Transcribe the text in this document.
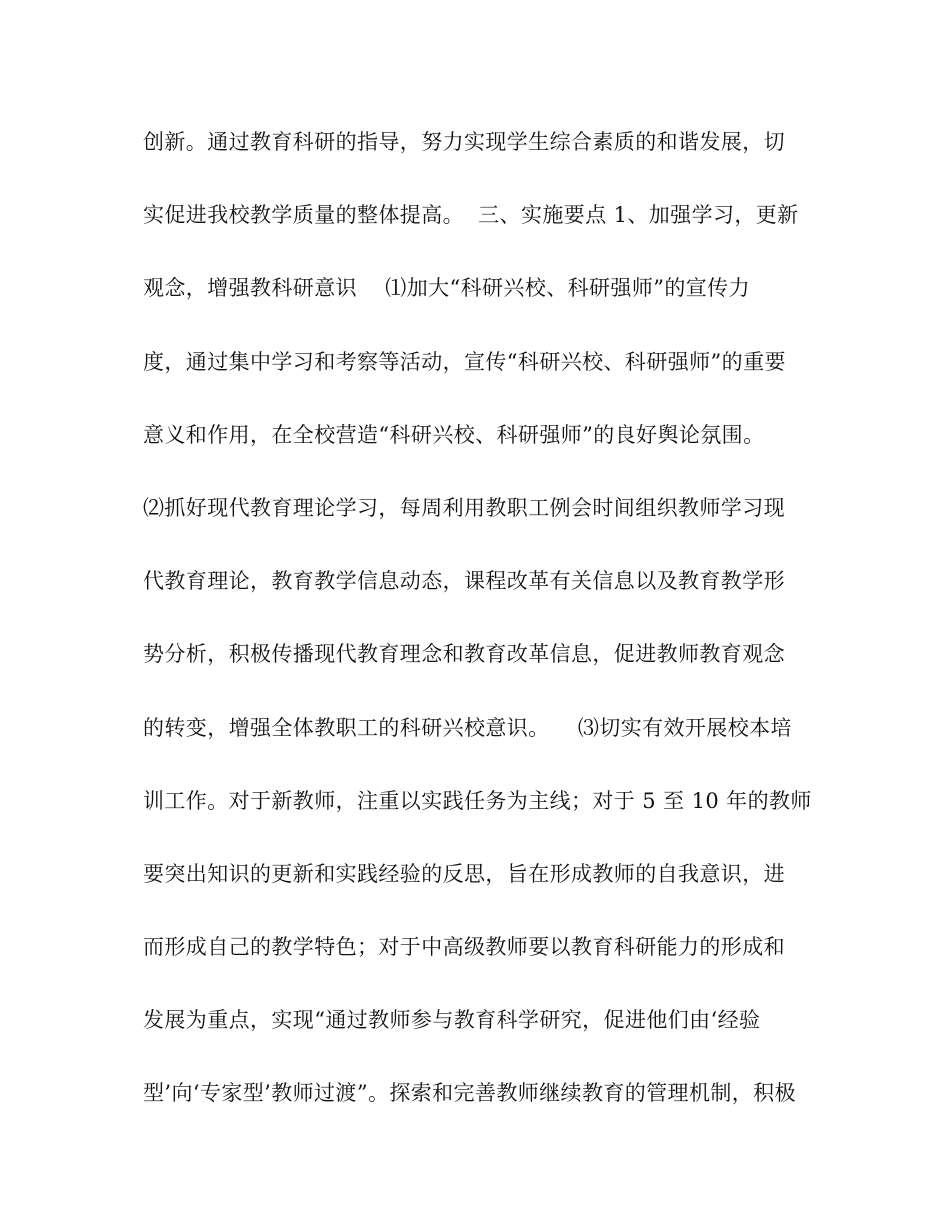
创新。通过教育科研的指导，努力实现学生综合素质的和谐发展，切
实促进我校教学质量的整体提高。  三、实施要点 1、加强学习，更新
观念，增强教科研意识    ⑴加大“科研兴校、科研强师”的宣传力
度，通过集中学习和考察等活动，宣传“科研兴校、科研强师”的重要
意义和作用，在全校营造“科研兴校、科研强师”的良好舆论氛围。
⑵抓好现代教育理论学习，每周利用教职工例会时间组织教师学习现
代教育理论，教育教学信息动态，课程改革有关信息以及教育教学形
势分析，积极传播现代教育理念和教育改革信息，促进教师教育观念
的转变，增强全体教职工的科研兴校意识。    ⑶切实有效开展校本培
训工作。对于新教师，注重以实践任务为主线；对于 5 至 10 年的教师
要突出知识的更新和实践经验的反思，旨在形成教师的自我意识，进
而形成自己的教学特色；对于中高级教师要以教育科研能力的形成和
发展为重点，实现“通过教师参与教育科学研究，促进他们由‘经验
型’向‘专家型’教师过渡”。探索和完善教师继续教育的管理机制，积极
